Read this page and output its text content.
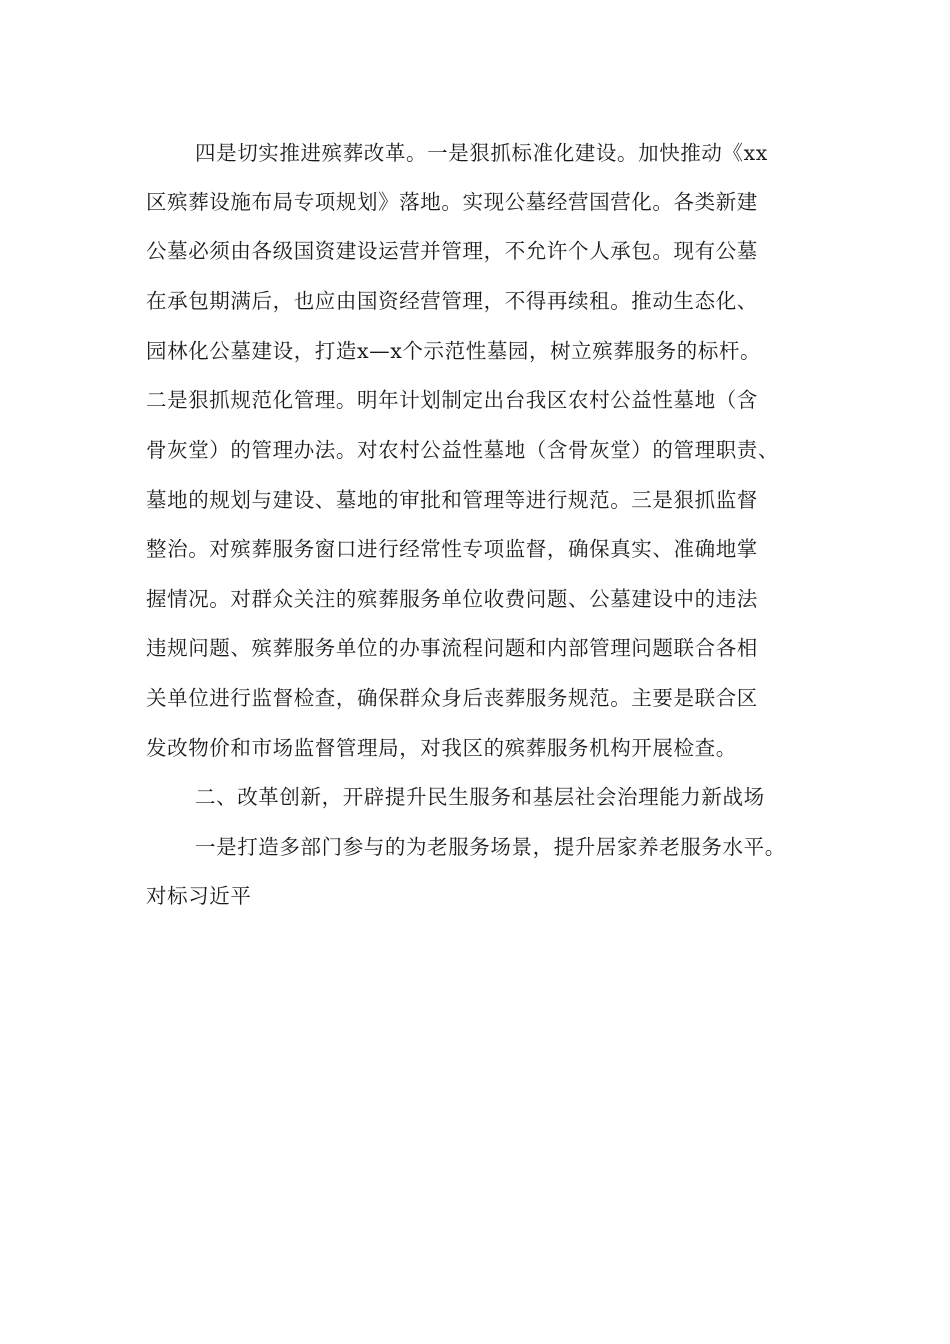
四是切实推进殡葬改革。一是狠抓标准化建设。加快推动《xx
区殡葬设施布局专项规划》落地。实现公墓经营国营化。各类新建
公墓必须由各级国资建设运营并管理，不允许个人承包。现有公墓
在承包期满后，也应由国资经营管理，不得再续租。推动生态化、
园林化公墓建设，打造x—x个示范性墓园，树立殡葬服务的标杆。
二是狠抓规范化管理。明年计划制定出台我区农村公益性墓地（含
骨灰堂）的管理办法。对农村公益性墓地（含骨灰堂）的管理职责、
墓地的规划与建设、墓地的审批和管理等进行规范。三是狠抓监督
整治。对殡葬服务窗口进行经常性专项监督，确保真实、准确地掌
握情况。对群众关注的殡葬服务单位收费问题、公墓建设中的违法
违规问题、殡葬服务单位的办事流程问题和内部管理问题联合各相
关单位进行监督检查，确保群众身后丧葬服务规范。主要是联合区
发改物价和市场监督管理局，对我区的殡葬服务机构开展检查。
二、改革创新，开辟提升民生服务和基层社会治理能力新战场
一是打造多部门参与的为老服务场景，提升居家养老服务水平。
对标习近平
